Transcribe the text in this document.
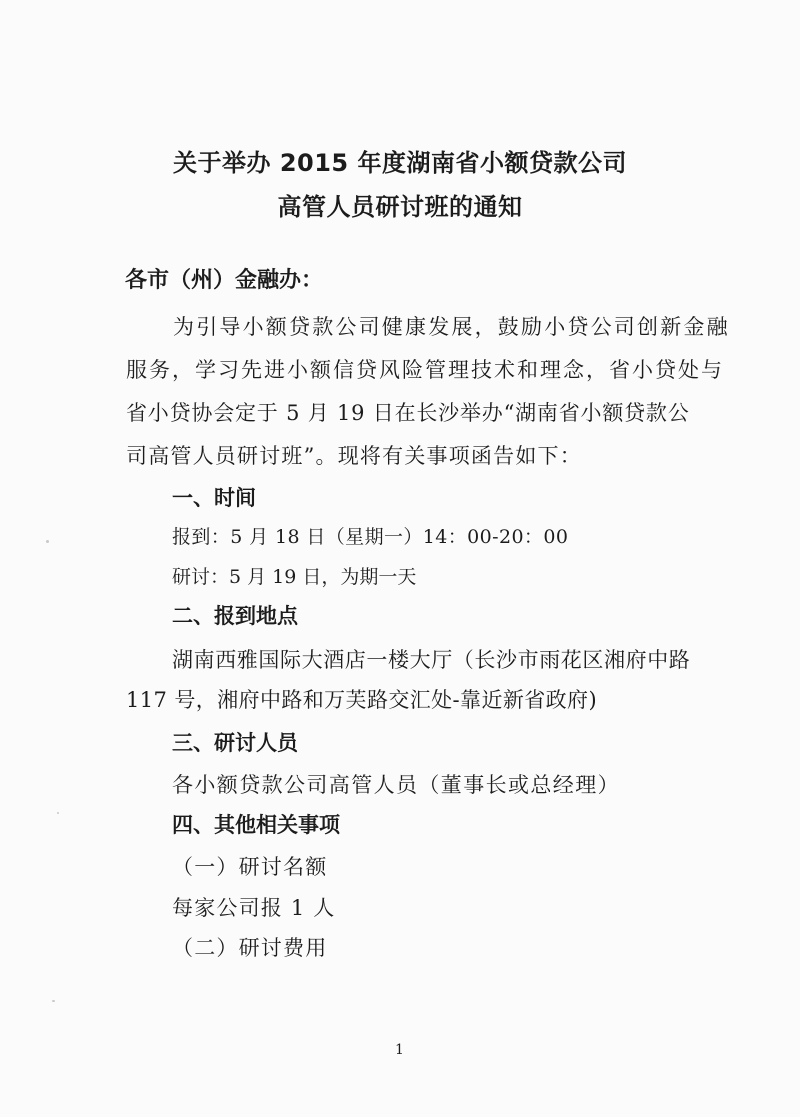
关于举办 2015 年度湖南省小额贷款公司
高管人员研讨班的通知
各市（州）金融办：
为引导小额贷款公司健康发展，鼓励小贷公司创新金融
服务，学习先进小额信贷风险管理技术和理念，省小贷处与
省小贷协会定于 5 月 19 日在长沙举办“湖南省小额贷款公
司高管人员研讨班”。现将有关事项函告如下：
一、时间
报到：5 月 18 日（星期一）14：00-20：00
研讨：5 月 19 日，为期一天
二、报到地点
湖南西雅国际大酒店一楼大厅（长沙市雨花区湘府中路
117 号，湘府中路和万芙路交汇处-靠近新省政府)
三、研讨人员
各小额贷款公司高管人员（董事长或总经理）
四、其他相关事项
（一）研讨名额
每家公司报 1 人
（二）研讨费用
1
